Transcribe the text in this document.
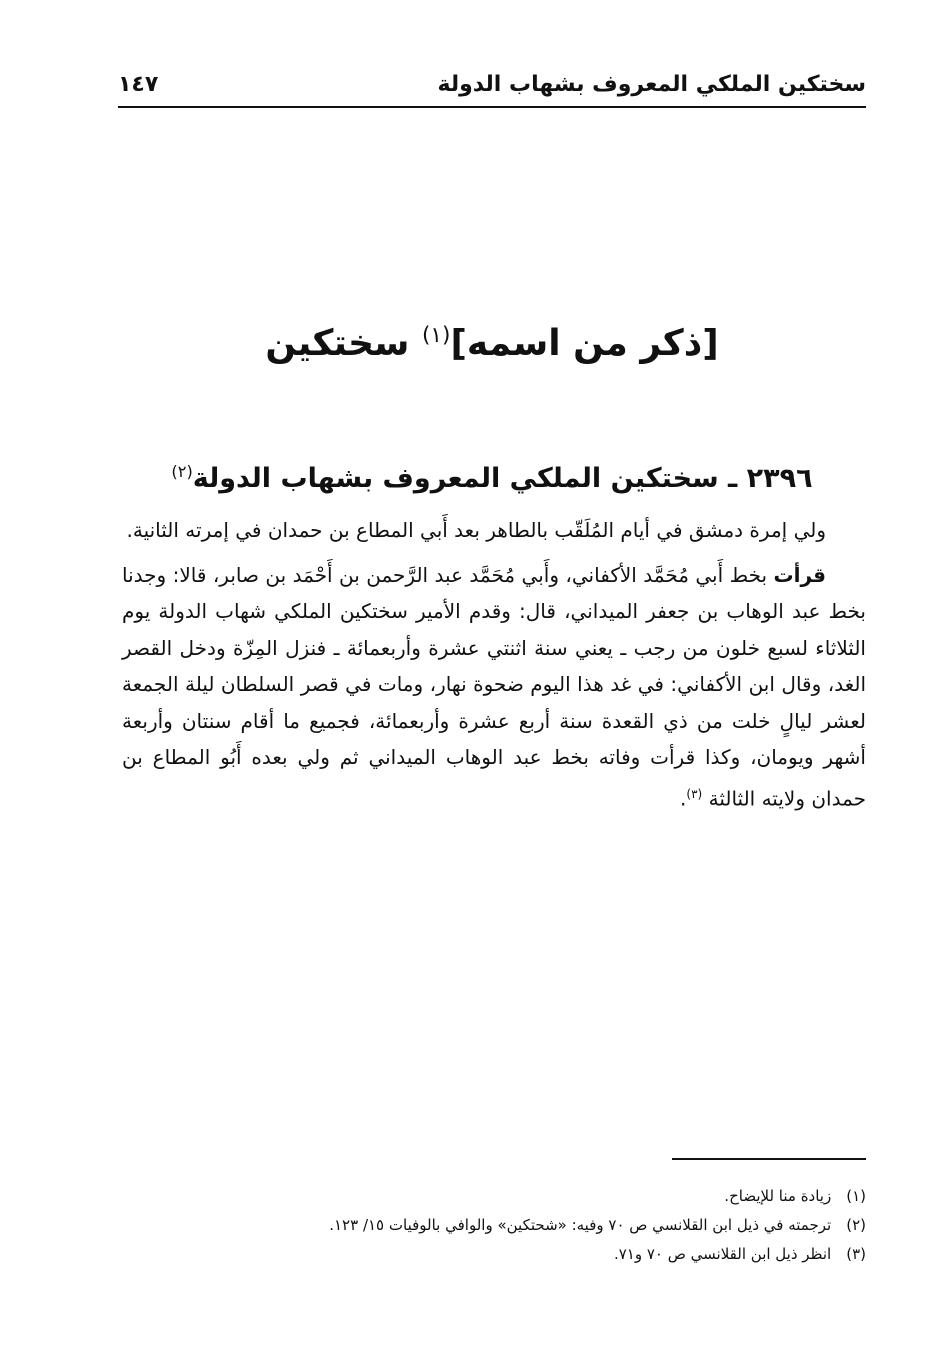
سختكين الملكي المعروف بشهاب الدولة
١٤٧
[ذكر من اسمه]$^{(١)}$ سختكين
٢٣٩٦ ـ سختكين الملكي المعروف بشهاب الدولة$^{(٢)}$

ولي إمرة دمشق في أيام المُلَقّب بالطاهر بعد أَبي المطاع بن حمدان في إمرته الثانية.

قرأت بخط أَبي مُحَمَّد الأكفاني، وأَبي مُحَمَّد عبد الرَّحمن بن أَحْمَد بن صابر، قالا: وجدنا بخط عبد الوهاب بن جعفر الميداني، قال: وقدم الأمير سختكين الملكي شهاب الدولة يوم الثلاثاء لسبع خلون من رجب ـ يعني سنة اثنتي عشرة وأربعمائة ـ فنزل المِزّة ودخل القصر الغد، وقال ابن الأكفاني: في غد هذا اليوم ضحوة نهار، ومات في قصر السلطان ليلة الجمعة لعشر ليالٍ خلت من ذي القعدة سنة أربع عشرة وأربعمائة، فجميع ما أقام سنتان وأربعة أشهر ويومان، وكذا قرأت وفاته بخط عبد الوهاب الميداني ثم ولي بعده أَبُو المطاع بن حمدان ولايته الثالثة $^{(٣)}$.

(١) زيادة منا للإيضاح.
(٢) ترجمته في ذيل ابن القلانسي ص ٧٠ وفيه: «شحتكين» والوافي بالوفيات ١٥/ ١٢٣.
(٣) انظر ذيل ابن القلانسي ص ٧٠ و٧١.
